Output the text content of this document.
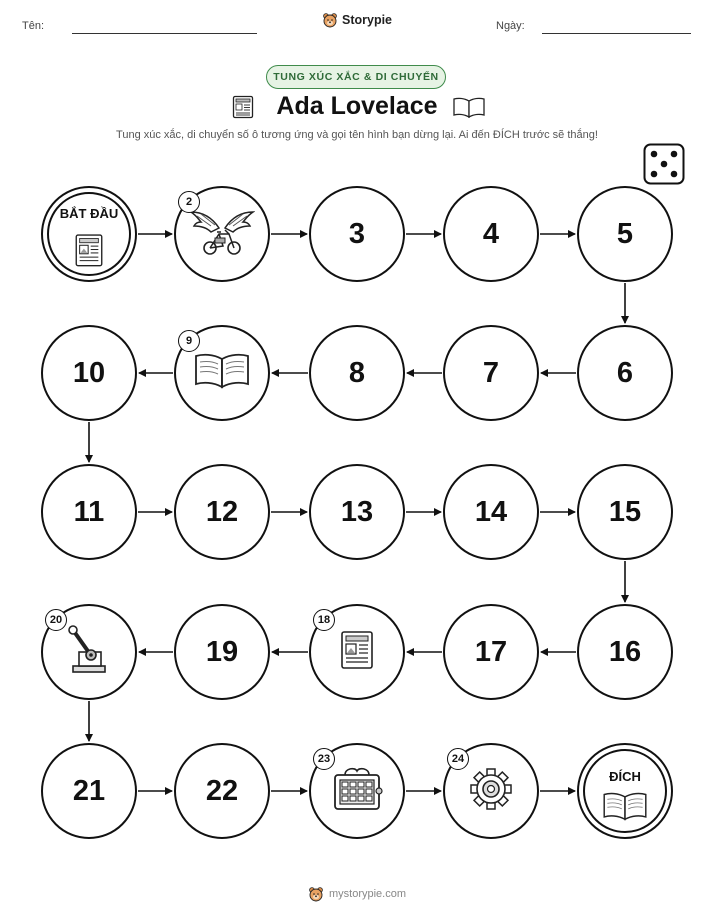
Tên:	Storypie	Ngày:
TUNG XÚC XẮC & DI CHUYỂN
Ada Lovelace
Tung xúc xắc, di chuyển số ô tương ứng và gọi tên hình bạn dừng lại. Ai đến ĐÍCH trước sẽ thắng!
BẮT ĐẦU
2
3	4	5
6
7
8
9
10
11	12	13	14	15
16
17
18
19
20
21	22
23	24
ĐÍCH
mystorypie.com
